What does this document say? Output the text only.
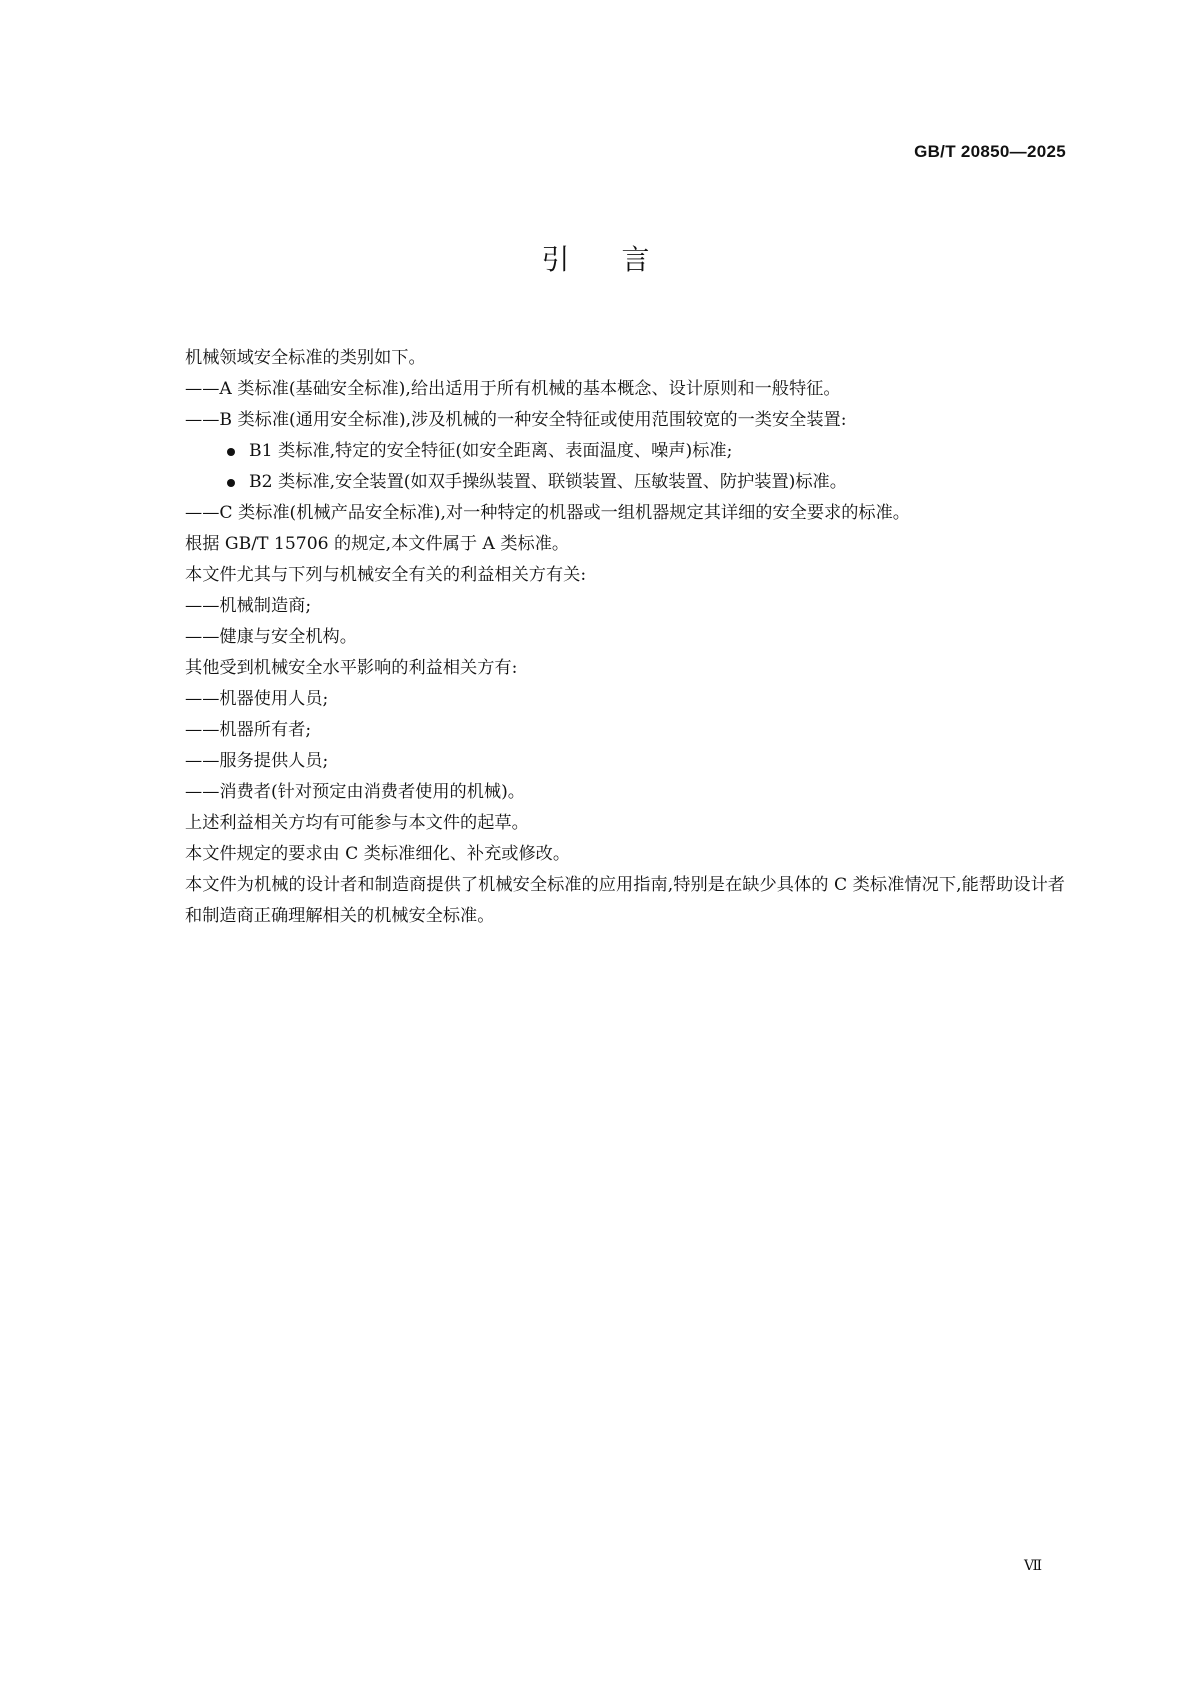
GB/T 20850—2025
引言
机械领域安全标准的类别如下。
——A 类标准(基础安全标准),给出适用于所有机械的基本概念、设计原则和一般特征。
——B 类标准(通用安全标准),涉及机械的一种安全特征或使用范围较宽的一类安全装置:
B1 类标准,特定的安全特征(如安全距离、表面温度、噪声)标准;
B2 类标准,安全装置(如双手操纵装置、联锁装置、压敏装置、防护装置)标准。
——C 类标准(机械产品安全标准),对一种特定的机器或一组机器规定其详细的安全要求的标准。
根据 GB/T 15706 的规定,本文件属于 A 类标准。
本文件尤其与下列与机械安全有关的利益相关方有关:
——机械制造商;
——健康与安全机构。
其他受到机械安全水平影响的利益相关方有:
——机器使用人员;
——机器所有者;
——服务提供人员;
——消费者(针对预定由消费者使用的机械)。
上述利益相关方均有可能参与本文件的起草。
本文件规定的要求由 C 类标准细化、补充或修改。
本文件为机械的设计者和制造商提供了机械安全标准的应用指南,特别是在缺少具体的 C 类标准情况下,能帮助设计者和制造商正确理解相关的机械安全标准。
Ⅶ
